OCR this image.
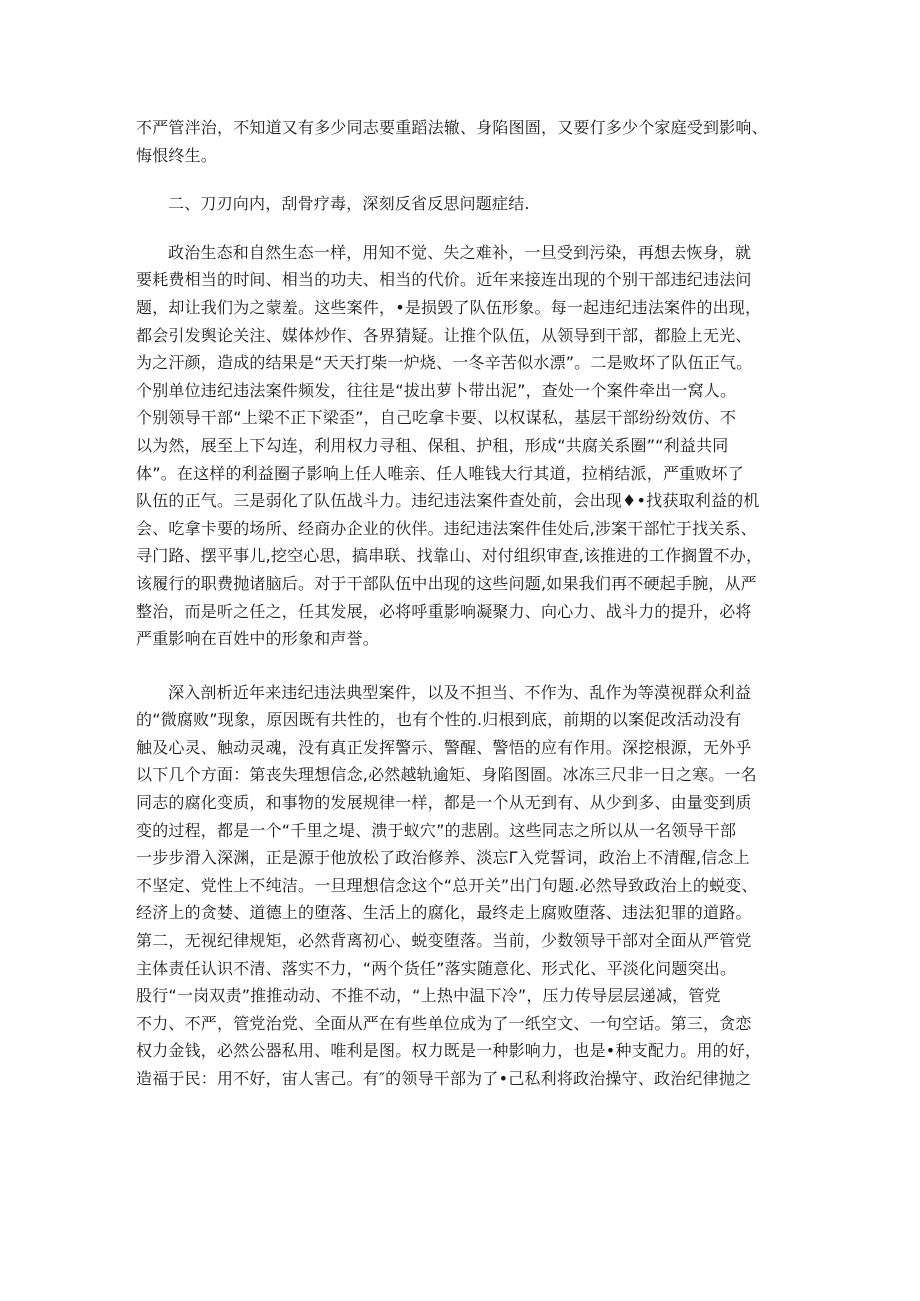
不严管泮治，不知道又有多少同志要重蹈法辙、身陷图圄，又要仃多少个家庭受到影响、
悔恨终生。
二、刀刃向内，刮骨疗毒，深刻反省反思问题症结.
政治生态和自然生态一样，用知不觉、失之难补，一旦受到污染，再想去恢身，就
要耗费相当的时间、相当的功夫、相当的代价。近年来接连出现的个别干部违纪违法问
题，却让我们为之蒙羞。这些案件，•是损毁了队伍形象。每一起违纪违法案件的出现，
都会引发舆论关注、媒体炒作、各界猜疑。让推个队伍，从领导到干部，都脸上无光、
为之汗颜，造成的结果是“天天打柴一炉烧、一冬辛苦似水漂”。二是败坏了队伍正气。
个别单位违纪违法案件频发，往往是“拔出萝卜带出泥”，查处一个案件牵出一窝人。
个别领导干部“上梁不正下梁歪”，自己吃拿卡要、以权谋私，基层干部纷纷效仿、不
以为然，展至上下勾连，利用权力寻租、保租、护租，形成“共腐关系圈”“利益共同
体”。在这样的利益圈子影响上任人唯亲、任人唯钱大行其道，拉梢结派，严重败坏了
队伍的正气。三是弱化了队伍战斗力。违纪违法案件查处前，会出现♦•找获取利益的机
会、吃拿卡要的场所、经商办企业的伙伴。违纪违法案件佳处后,涉案干部忙于找关系、
寻门路、摆平事儿,挖空心思，搞串联、找靠山、对付组织审查,该推进的工作搁置不办，
该履行的职费抛诸脑后。对于干部队伍中出现的这些问题,如果我们再不硬起手腕，从严
整治，而是听之任之，任其发展，必将呼重影响凝聚力、向心力、战斗力的提升，必将
严重影响在百姓中的形象和声誉。
深入剖析近年来违纪违法典型案件，以及不担当、不作为、乱作为等漠视群众利益
的“微腐败”现象，原因既有共性的，也有个性的.归根到底，前期的以案促改活动没有
触及心灵、触动灵魂，没有真正发挥警示、警醒、警悟的应有作用。深挖根源，无外乎
以下几个方面：第丧失理想信念,必然越轨逾矩、身陷图圄。冰冻三尺非一日之寒。一名
同志的腐化变质，和事物的发展规律一样，都是一个从无到有、从少到多、由量变到质
变的过程，都是一个“千里之堤、溃于蚁穴”的悲剧。这些同志之所以从一名领导干部
一步步滑入深渊，正是源于他放松了政治修养、淡忘Γ入党誓词，政治上不清醒,信念上
不坚定、党性上不纯洁。一旦理想信念这个“总开关”出门句题.必然导致政治上的蜕变、
经济上的贪婪、道德上的堕落、生活上的腐化，最终走上腐败堕落、违法犯罪的道路。
第二，无视纪律规矩，必然背离初心、蜕变堕落。当前，少数领导干部对全面从严管党
主体责任认识不清、落实不力，“两个货任”落实随意化、形式化、平淡化问题突出。
股行“一岗双责”推推动动、不推不动，“上热中温下冷”，压力传导层层递减，管党
不力、不严，管党治党、全面从严在有些单位成为了一纸空文、一句空话。第三，贪恋
权力金钱，必然公器私用、唯利是图。权力既是一种影响力，也是•种支配力。用的好，
造福于民：用不好，宙人害己。有″的领导干部为了•己私利将政治操守、政治纪律抛之
